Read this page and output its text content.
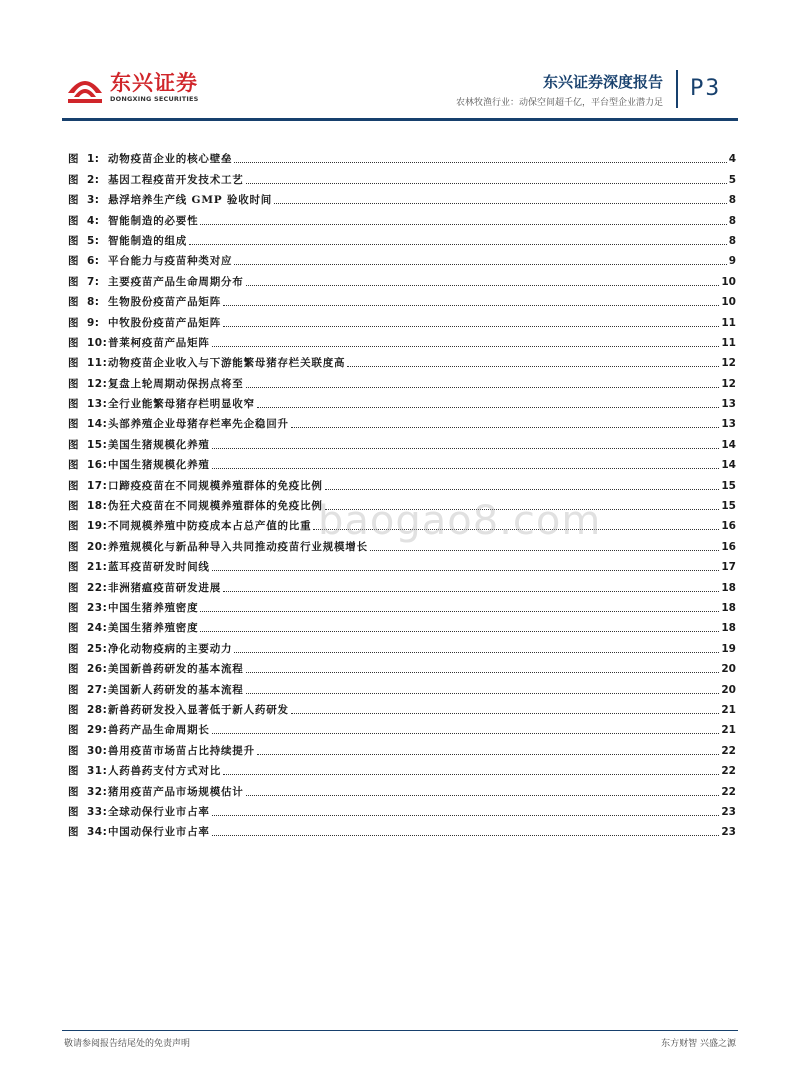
东兴证券
DONGXING SECURITIES
东兴证券深度报告
农林牧渔行业：动保空间超千亿，平台型企业潜力足
P3
图 1: 动物疫苗企业的核心壁垒	4
图 2: 基因工程疫苗开发技术工艺	5
图 3: 悬浮培养生产线 GMP 验收时间	8
图 4: 智能制造的必要性	8
图 5: 智能制造的组成	8
图 6: 平台能力与疫苗种类对应	9
图 7: 主要疫苗产品生命周期分布	10
图 8: 生物股份疫苗产品矩阵	10
图 9: 中牧股份疫苗产品矩阵	11
图 10:普莱柯疫苗产品矩阵	11
图 11:动物疫苗企业收入与下游能繁母猪存栏关联度高	12
图 12:复盘上轮周期动保拐点将至	12
图 13:全行业能繁母猪存栏明显收窄	13
图 14:头部养殖企业母猪存栏率先企稳回升	13
图 15:美国生猪规模化养殖	14
图 16:中国生猪规模化养殖	14
图 17:口蹄疫疫苗在不同规模养殖群体的免疫比例	15
图 18:伪狂犬疫苗在不同规模养殖群体的免疫比例	15
图 19:不同规模养殖中防疫成本占总产值的比重	16
图 20:养殖规模化与新品种导入共同推动疫苗行业规模增长	16
图 21:蓝耳疫苗研发时间线	17
图 22:非洲猪瘟疫苗研发进展	18
图 23:中国生猪养殖密度	18
图 24:美国生猪养殖密度	18
图 25:净化动物疫病的主要动力	19
图 26:美国新兽药研发的基本流程	20
图 27:美国新人药研发的基本流程	20
图 28:新兽药研发投入显著低于新人药研发	21
图 29:兽药产品生命周期长	21
图 30:兽用疫苗市场苗占比持续提升	22
图 31:人药兽药支付方式对比	22
图 32:猪用疫苗产品市场规模估计	22
图 33:全球动保行业市占率	23
图 34:中国动保行业市占率	23
baogao8.com
敬请参阅报告结尾处的免责声明	东方财智 兴盛之源
